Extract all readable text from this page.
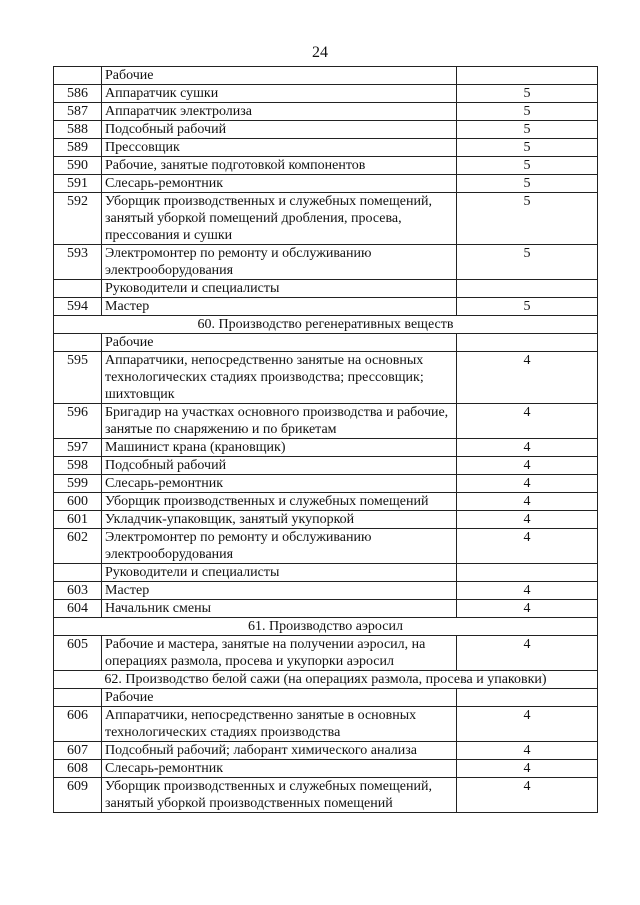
24
	Рабочие	
586	Аппаратчик сушки	5
587	Аппаратчик электролиза	5
588	Подсобный рабочий	5
589	Прессовщик	5
590	Рабочие, занятые подготовкой компонентов	5
591	Слесарь-ремонтник	5
592	Уборщик производственных и служебных помещений, занятый уборкой помещений дробления, просева, прессования и сушки	5
593	Электромонтер по ремонту и обслуживанию электрооборудования	5
	Руководители и специалисты	
594	Мастер	5
60. Производство регенеративных веществ		
	Рабочие	
595	Аппаратчики, непосредственно занятые на основных технологических стадиях производства; прессовщик; шихтовщик	4
596	Бригадир на участках основного производства и рабочие, занятые по снаряжению и по брикетам	4
597	Машинист крана (крановщик)	4
598	Подсобный рабочий	4
599	Слесарь-ремонтник	4
600	Уборщик производственных и служебных помещений	4
601	Укладчик-упаковщик, занятый укупоркой	4
602	Электромонтер по ремонту и обслуживанию электрооборудования	4
	Руководители и специалисты	
603	Мастер	4
604	Начальник смены	4
61. Производство аэросил		
605	Рабочие и мастера, занятые на получении аэросил, на операциях размола, просева и укупорки аэросил	4
62. Производство белой сажи (на операциях размола, просева и упаковки)		
	Рабочие	
606	Аппаратчики, непосредственно занятые в основных технологических стадиях производства	4
607	Подсобный рабочий; лаборант химического анализа	4
608	Слесарь-ремонтник	4
609	Уборщик производственных и служебных помещений, занятый уборкой производственных помещений	4
